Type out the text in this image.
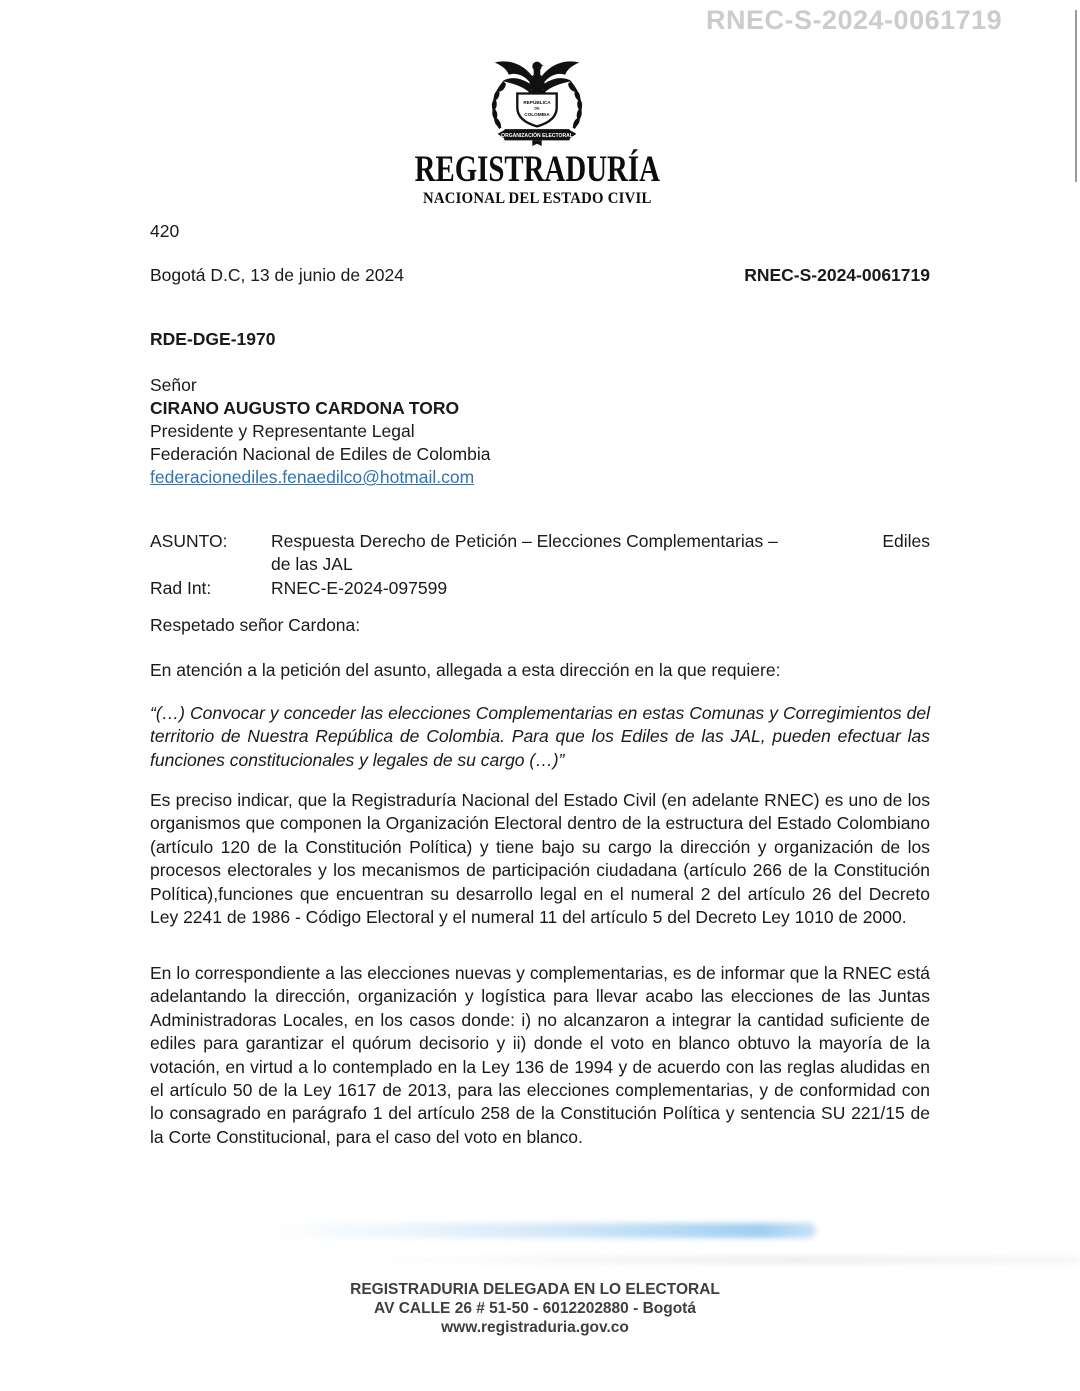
RNEC-S-2024-0061719
REPÚBLICA
DE
COLOMBIA
ORGANIZACIÓN ELECTORAL
REGISTRADURÍA
NACIONAL DEL ESTADO CIVIL
420
Bogotá D.C, 13 de junio de 2024	RNEC-S-2024-0061719
RDE-DGE-1970
Señor
CIRANO AUGUSTO CARDONA TORO
Presidente y Representante Legal
Federación Nacional de Ediles de Colombia
federacionediles.fenaedilco@hotmail.com
ASUNTO:	Respuesta Derecho de Petición – Elecciones Complementarias –	Ediles
de las JAL
Rad Int:	RNEC-E-2024-097599
Respetado señor Cardona:
En atención a la petición del asunto, allegada a esta dirección en la que requiere:
“(…) Convocar y conceder las elecciones Complementarias en estas Comunas y Corregimientos del territorio de Nuestra República de Colombia. Para que los Ediles de las JAL, pueden efectuar las funciones constitucionales y legales de su cargo (…)”
Es preciso indicar, que la Registraduría Nacional del Estado Civil (en adelante RNEC) es uno de los organismos que componen la Organización Electoral dentro de la estructura del Estado Colombiano (artículo 120 de la Constitución Política) y tiene bajo su cargo la dirección y organización de los procesos electorales y los mecanismos de participación ciudadana (artículo 266 de la Constitución Política),funciones que encuentran su desarrollo legal en el numeral 2 del artículo 26 del Decreto Ley 2241 de 1986 - Código Electoral y el numeral 11 del artículo 5 del Decreto Ley 1010 de 2000.
En lo correspondiente a las elecciones nuevas y complementarias, es de informar que la RNEC está adelantando la dirección, organización y logística para llevar acabo las elecciones de las Juntas Administradoras Locales, en los casos donde: i) no alcanzaron a integrar la cantidad suficiente de ediles para garantizar el quórum decisorio y ii) donde el voto en blanco obtuvo la mayoría de la votación, en virtud a lo contemplado en la Ley 136 de 1994 y de acuerdo con las reglas aludidas en el artículo 50 de la Ley 1617 de 2013, para las elecciones complementarias, y de conformidad con lo consagrado en parágrafo 1 del artículo 258 de la Constitución Política y sentencia SU 221/15 de la Corte Constitucional, para el caso del voto en blanco.
REGISTRADURIA DELEGADA EN LO ELECTORAL
AV CALLE 26 # 51-50 - 6012202880 - Bogotá
www.registraduria.gov.co
